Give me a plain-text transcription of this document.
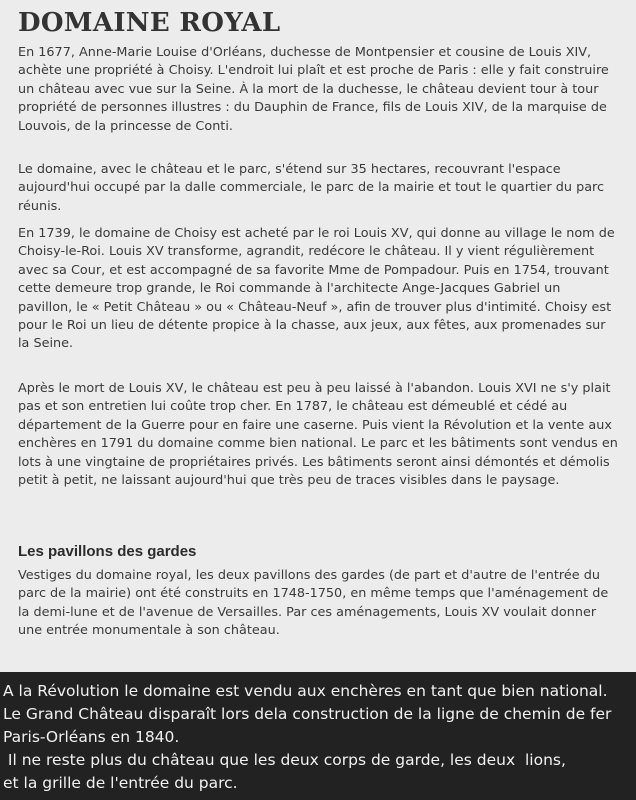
DOMAINE ROYAL

En 1677, Anne-Marie Louise d'Orléans, duchesse de Montpensier et cousine de Louis XIV, achète une propriété à Choisy. L'endroit lui plaît et est proche de Paris : elle y fait construire un château avec vue sur la Seine. À la mort de la duchesse, le château devient tour à tour propriété de personnes illustres : du Dauphin de France, fils de Louis XIV, de la marquise de Louvois, de la princesse de Conti.

Le domaine, avec le château et le parc, s'étend sur 35 hectares, recouvrant l'espace aujourd'hui occupé par la dalle commerciale, le parc de la mairie et tout le quartier du parc réunis.

En 1739, le domaine de Choisy est acheté par le roi Louis XV, qui donne au village le nom de Choisy-le-Roi. Louis XV transforme, agrandit, redécore le château. Il y vient régulièrement avec sa Cour, et est accompagné de sa favorite Mme de Pompadour. Puis en 1754, trouvant cette demeure trop grande, le Roi commande à l'architecte Ange-Jacques Gabriel un pavillon, le « Petit Château » ou « Château-Neuf », afin de trouver plus d'intimité. Choisy est pour le Roi un lieu de détente propice à la chasse, aux jeux, aux fêtes, aux promenades sur la Seine.

Après le mort de Louis XV, le château est peu à peu laissé à l'abandon. Louis XVI ne s'y plait pas et son entretien lui coûte trop cher. En 1787, le château est démeublé et cédé au département de la Guerre pour en faire une caserne. Puis vient la Révolution et la vente aux enchères en 1791 du domaine comme bien national. Le parc et les bâtiments sont vendus en lots à une vingtaine de propriétaires privés. Les bâtiments seront ainsi démontés et démolis petit à petit, ne laissant aujourd'hui que très peu de traces visibles dans le paysage.

Les pavillons des gardes

Vestiges du domaine royal, les deux pavillons des gardes (de part et d'autre de l'entrée du parc de la mairie) ont été construits en 1748-1750, en même temps que l'aménagement de la demi-lune et de l'avenue de Versailles. Par ces aménagements, Louis XV voulait donner une entrée monumentale à son château.

A la Révolution le domaine est vendu aux enchères en tant que bien national.

Le Grand Château disparaît lors dela construction de la ligne de chemin de fer

Paris-Orléans en 1840.

Il ne reste plus du château que les deux corps de garde, les deux  lions,

et la grille de l'entrée du parc.
